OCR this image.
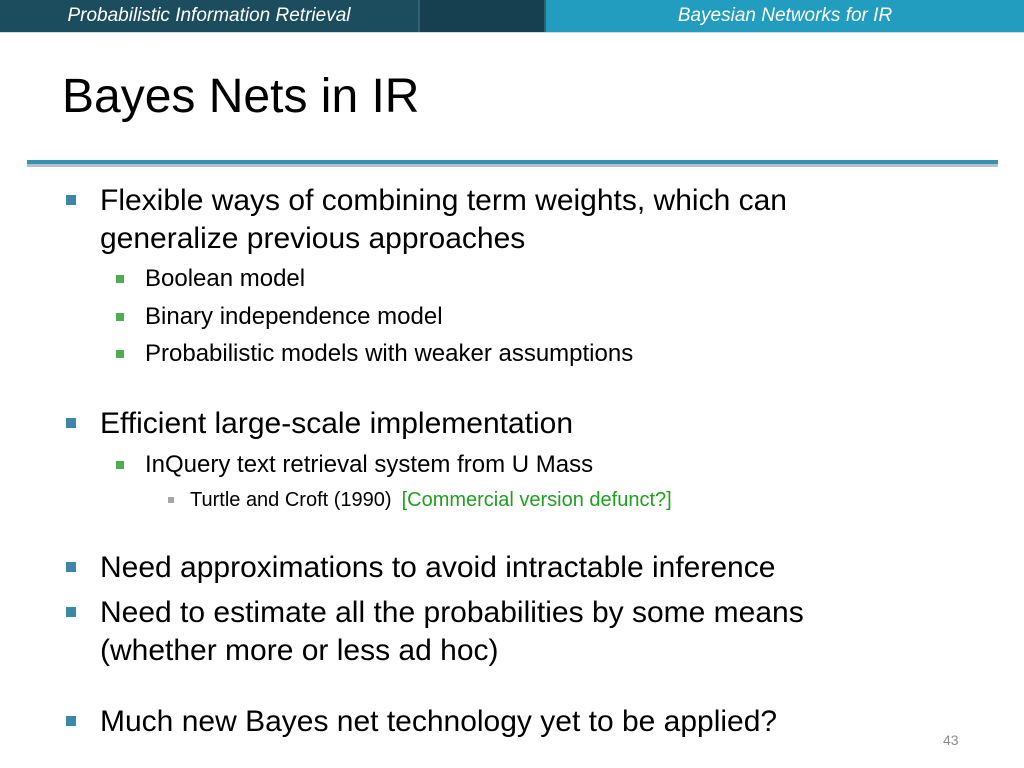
Probabilistic Information Retrieval	Bayesian Networks for IR
Bayes Nets in IR
Flexible ways of combining term weights, which can generalize previous approaches
Boolean model
Binary independence model
Probabilistic models with weaker assumptions
Efficient large-scale implementation
InQuery text retrieval system from U Mass
Turtle and Croft (1990) [Commercial version defunct?]
Need approximations to avoid intractable inference
Need to estimate all the probabilities by some means (whether more or less ad hoc)
Much new Bayes net technology yet to be applied?
43
